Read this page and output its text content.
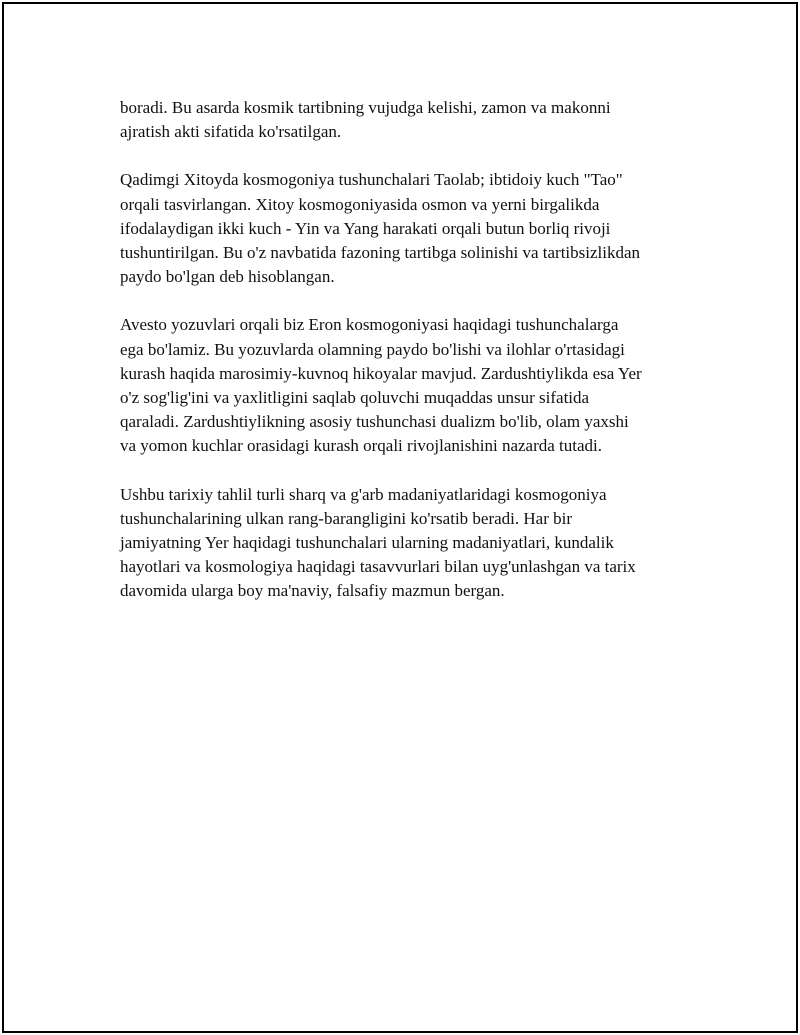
boradi. Bu asarda kosmik tartibning vujudga kelishi, zamon va makonni
ajratish akti sifatida ko'rsatilgan.

Qadimgi Xitoyda kosmogoniya tushunchalari Taolab; ibtidoiy kuch "Tao"
orqali tasvirlangan. Xitoy kosmogoniyasida osmon va yerni birgalikda
ifodalaydigan ikki kuch - Yin va Yang harakati orqali butun borliq rivoji
tushuntirilgan. Bu o'z navbatida fazoning tartibga solinishi va tartibsizlikdan
paydo bo'lgan deb hisoblangan.

Avesto yozuvlari orqali biz Eron kosmogoniyasi haqidagi tushunchalarga
ega bo'lamiz. Bu yozuvlarda olamning paydo bo'lishi va ilohlar o'rtasidagi
kurash haqida marosimiy-kuvnoq hikoyalar mavjud. Zardushtiylikda esa Yer
o'z sog'lig'ini va yaxlitligini saqlab qoluvchi muqaddas unsur sifatida
qaraladi. Zardushtiylikning asosiy tushunchasi dualizm bo'lib, olam yaxshi
va yomon kuchlar orasidagi kurash orqali rivojlanishini nazarda tutadi.

Ushbu tarixiy tahlil turli sharq va g'arb madaniyatlaridagi kosmogoniya
tushunchalarining ulkan rang-barangligini ko'rsatib beradi. Har bir
jamiyatning Yer haqidagi tushunchalari ularning madaniyatlari, kundalik
hayotlari va kosmologiya haqidagi tasavvurlari bilan uyg'unlashgan va tarix
davomida ularga boy ma'naviy, falsafiy mazmun bergan.
